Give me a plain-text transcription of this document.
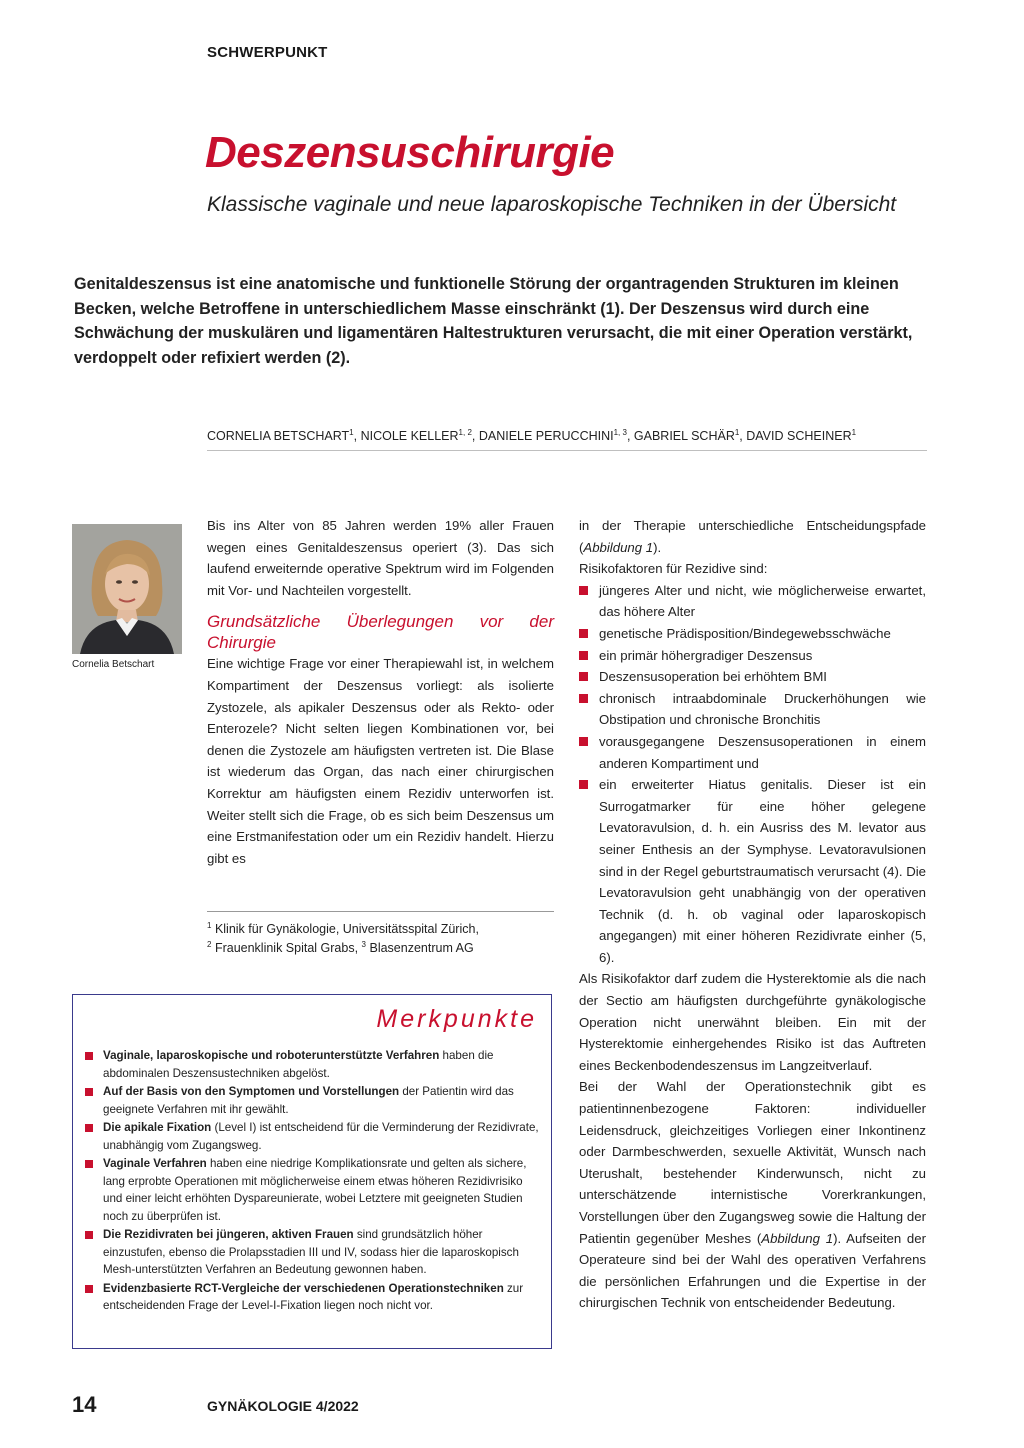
SCHWERPUNKT
Deszensuschirurgie
Klassische vaginale und neue laparoskopische Techniken in der Übersicht
Genitaldeszensus ist eine anatomische und funktionelle Störung der organtragenden Strukturen im kleinen Becken, welche Betroffene in unterschiedlichem Masse einschränkt (1). Der Deszensus wird durch eine Schwächung der muskulären und ligamentären Haltestrukturen verursacht, die mit einer Operation verstärkt, verdoppelt oder refixiert werden (2).
CORNELIA BETSCHART$^1$, NICOLE KELLER$^{1, 2}$, DANIELE PERUCCHINI$^{1, 3}$, GABRIEL SCHÄR$^1$, DAVID SCHEINER$^1$
Cornelia Betschart

Bis ins Alter von 85 Jahren werden 19% aller Frauen wegen eines Genitaldeszensus operiert (3). Das sich laufend erweiternde operative Spektrum wird im Folgenden mit Vor- und Nachteilen vorgestellt.

Grundsätzliche Überlegungen vor der Chirurgie

Eine wichtige Frage vor einer Therapiewahl ist, in welchem Kompartiment der Deszensus vorliegt: als isolierte Zystozele, als apikaler Deszensus oder als Rekto- oder Enterozele? Nicht selten liegen Kombinationen vor, bei denen die Zystozele am häufigsten vertreten ist. Die Blase ist wiederum das Organ, das nach einer chirurgischen Korrektur am häufigsten einem Rezidiv unterworfen ist. Weiter stellt sich die Frage, ob es sich beim Deszensus um eine Erstmanifestation oder um ein Rezidiv handelt. Hierzu gibt es

$^1$ Klinik für Gynäkologie, Universitätsspital Zürich,
$^2$ Frauenklinik Spital Grabs, $^3$ Blasenzentrum AG

in der Therapie unterschiedliche Entscheidungspfade (Abbildung 1).

Risikofaktoren für Rezidive sind:

jüngeres Alter und nicht, wie möglicherweise erwartet, das höhere Alter
genetische Prädisposition/Bindegewebsschwäche
ein primär höhergradiger Deszensus
Deszensusoperation bei erhöhtem BMI
chronisch intraabdominale Druckerhöhungen wie Obstipation und chronische Bronchitis
vorausgegangene Deszensusoperationen in einem anderen Kompartiment und
ein erweiterter Hiatus genitalis. Dieser ist ein Surrogatmarker für eine höher gelegene Levatoravulsion, d. h. ein Ausriss des M. levator aus seiner Enthesis an der Symphyse. Levatoravulsionen sind in der Regel geburtstraumatisch verursacht (4). Die Levatoravulsion geht unabhängig von der operativen Technik (d. h. ob vaginal oder laparoskopisch angegangen) mit einer höheren Rezidivrate einher (5, 6).

Als Risikofaktor darf zudem die Hysterektomie als die nach der Sectio am häufigsten durchgeführte gynäkologische Operation nicht unerwähnt bleiben. Ein mit der Hysterektomie einhergehendes Risiko ist das Auftreten eines Beckenbodendeszensus im Langzeitverlauf.

Bei der Wahl der Operationstechnik gibt es patientinnenbezogene Faktoren: individueller Leidensdruck, gleichzeitiges Vorliegen einer Inkontinenz oder Darmbeschwerden, sexuelle Aktivität, Wunsch nach Uterushalt, bestehender Kinderwunsch, nicht zu unterschätzende internistische Vorerkrankungen, Vorstellungen über den Zugangsweg sowie die Haltung der Patientin gegenüber Meshes (Abbildung 1). Aufseiten der Operateure sind bei der Wahl des operativen Verfahrens die persönlichen Erfahrungen und die Expertise in der chirurgischen Technik von entscheidender Bedeutung.

Merkpunkte
Vaginale, laparoskopische und roboterunterstützte Verfahren haben die abdominalen Deszensustechniken abgelöst.
Auf der Basis von den Symptomen und Vorstellungen der Patientin wird das geeignete Verfahren mit ihr gewählt.
Die apikale Fixation (Level I) ist entscheidend für die Verminderung der Rezidivrate, unabhängig vom Zugangsweg.
Vaginale Verfahren haben eine niedrige Komplikationsrate und gelten als sichere, lang erprobte Operationen mit möglicherweise einem etwas höheren Rezidivrisiko und einer leicht erhöhten Dyspareunierate, wobei Letztere mit geeigneten Studien noch zu überprüfen ist.
Die Rezidivraten bei jüngeren, aktiven Frauen sind grundsätzlich höher einzustufen, ebenso die Prolapsstadien III und IV, sodass hier die laparoskopisch Mesh-unterstützten Verfahren an Bedeutung gewonnen haben.
Evidenzbasierte RCT-Vergleiche der verschiedenen Operationstechniken zur entscheidenden Frage der Level-I-Fixation liegen noch nicht vor.
14	GYNÄKOLOGIE 4/2022
